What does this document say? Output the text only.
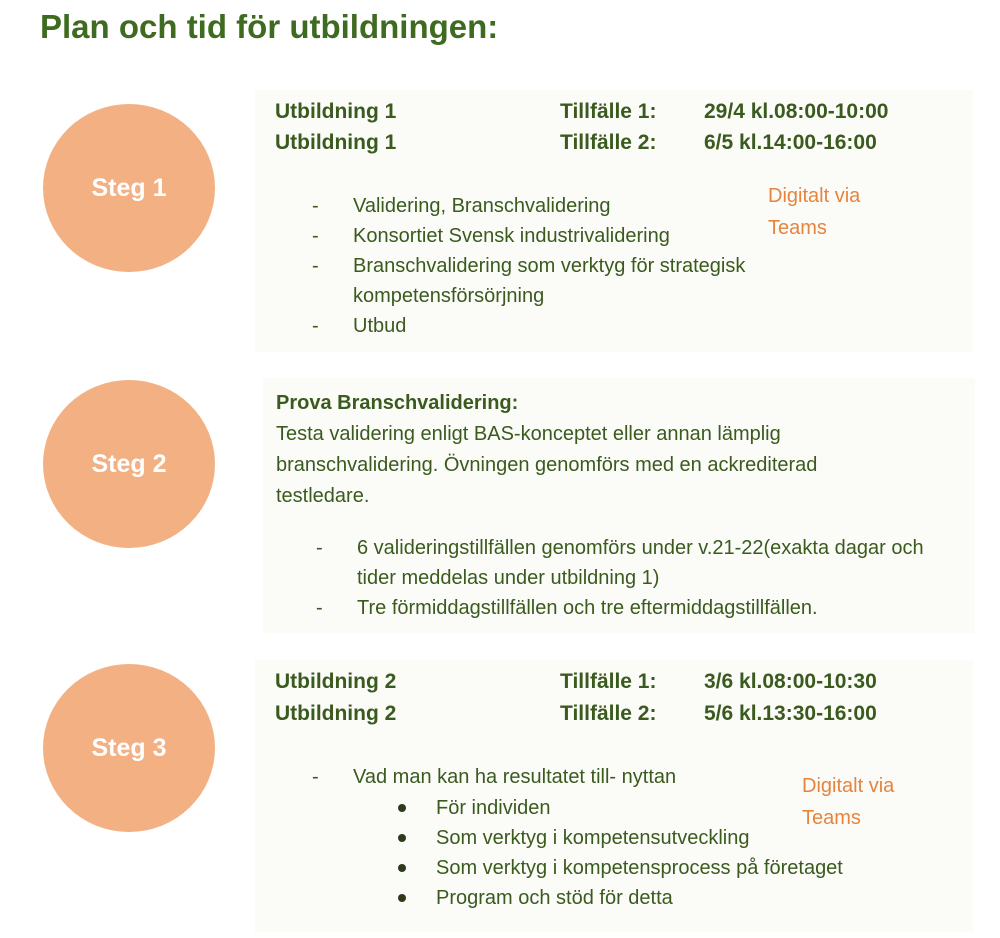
Plan och tid för utbildningen:
Steg 1
Utbildning 1	Tillfälle 1: 29/4 kl.08:00-10:00
Utbildning 1	Tillfälle 2: 6/5 kl.14:00-16:00
- Validering, Branschvalidering
- Konsortiet Svensk industrivalidering
- Branschvalidering som verktyg för strategisk kompetensförsörjning
- Utbud
Digitalt via
Teams
Steg 2
Prova Branschvalidering:
Testa validering enligt BAS-konceptet eller annan lämplig branschvalidering. Övningen genomförs med en ackrediterad testledare.
- 6 valideringstillfällen genomförs under v.21-22(exakta dagar och tider meddelas under utbildning 1)
- Tre förmiddagstillfällen och tre eftermiddagstillfällen.
Steg 3
Utbildning 2	Tillfälle 1: 3/6 kl.08:00-10:30
Utbildning 2	Tillfälle 2: 5/6 kl.13:30-16:00
- Vad man kan ha resultatet till- nyttan
För individen
Som verktyg i kompetensutveckling
Som verktyg i kompetensprocess på företaget
Program och stöd för detta
Digitalt via
Teams
